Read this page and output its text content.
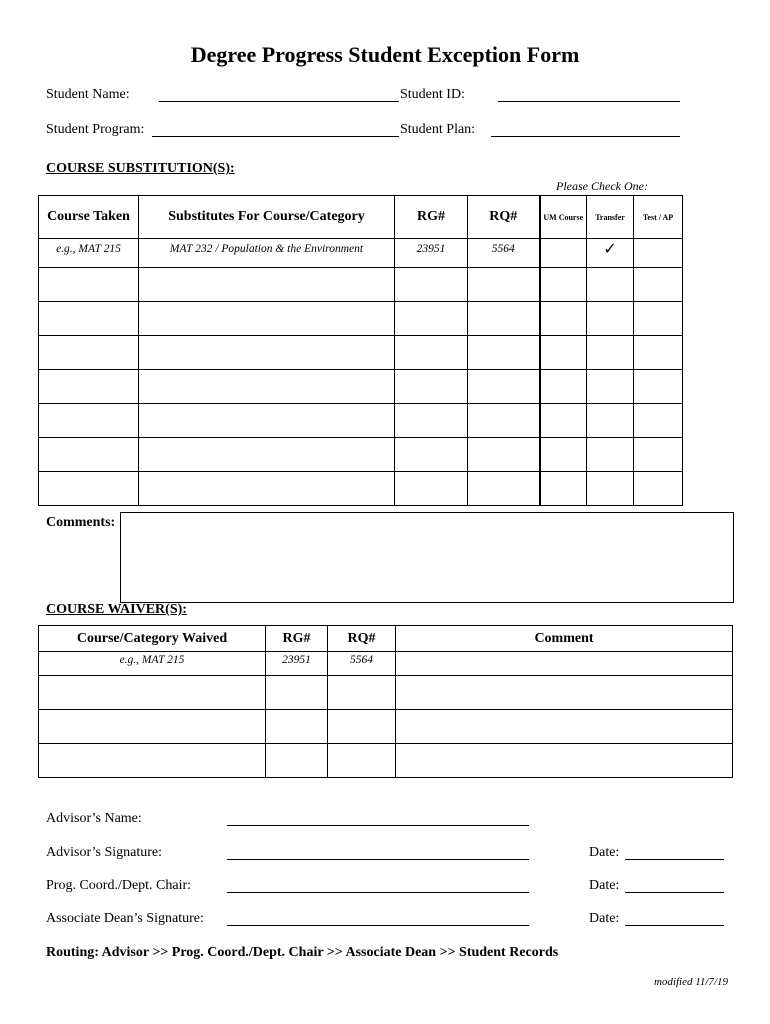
Degree Progress Student Exception Form
Student Name:	Student ID:
Student Program:	Student Plan:
COURSE SUBSTITUTION(S):
Please Check One:
Course Taken	Substitutes For Course/Category	RG#	RQ#	UM Course	Transfer	Test / AP
e.g., MAT 215	MAT 232 / Population & the Environment	23951	5564		✓	

Comments:
COURSE WAIVER(S):
Course/Category Waived	RG#	RQ#	Comment
e.g., MAT 215	23951	5564	

Advisor’s Name:
Advisor’s Signature:	Date:
Prog. Coord./Dept. Chair:	Date:
Associate Dean’s Signature:	Date:
Routing: Advisor >> Prog. Coord./Dept. Chair >> Associate Dean >> Student Records
modified 11/7/19
